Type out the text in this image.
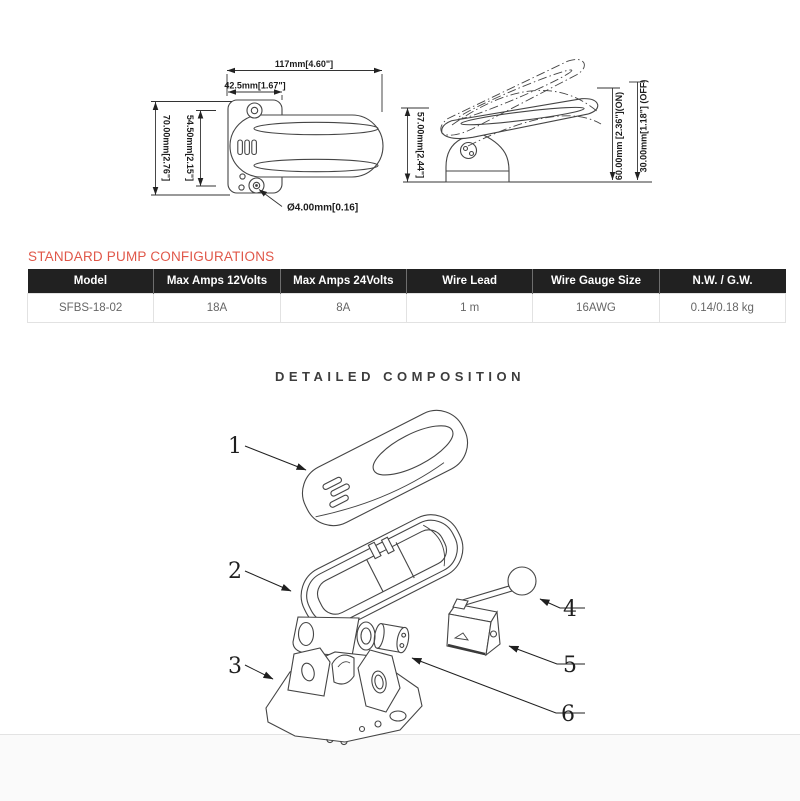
117mm[4.60"]
42.5mm[1.67"]
70.00mm[2.76"] 54.50mm[2.15"]
Ø4.00mm[0.16]
57.00mm[2.44"]	60.00mm [2.36"](ON) 30.00mm[1.18"] (OFF)
STANDARD PUMP CONFIGURATIONS
Model	Max Amps 12Volts	Max Amps 24Volts	Wire Lead	Wire Gauge Size	N.W. / G.W.
SFBS-18-02	18A	8A	1 m	16AWG	0.14/0.18 kg
DETAILED COMPOSITION
1
2
3
4
5
6
